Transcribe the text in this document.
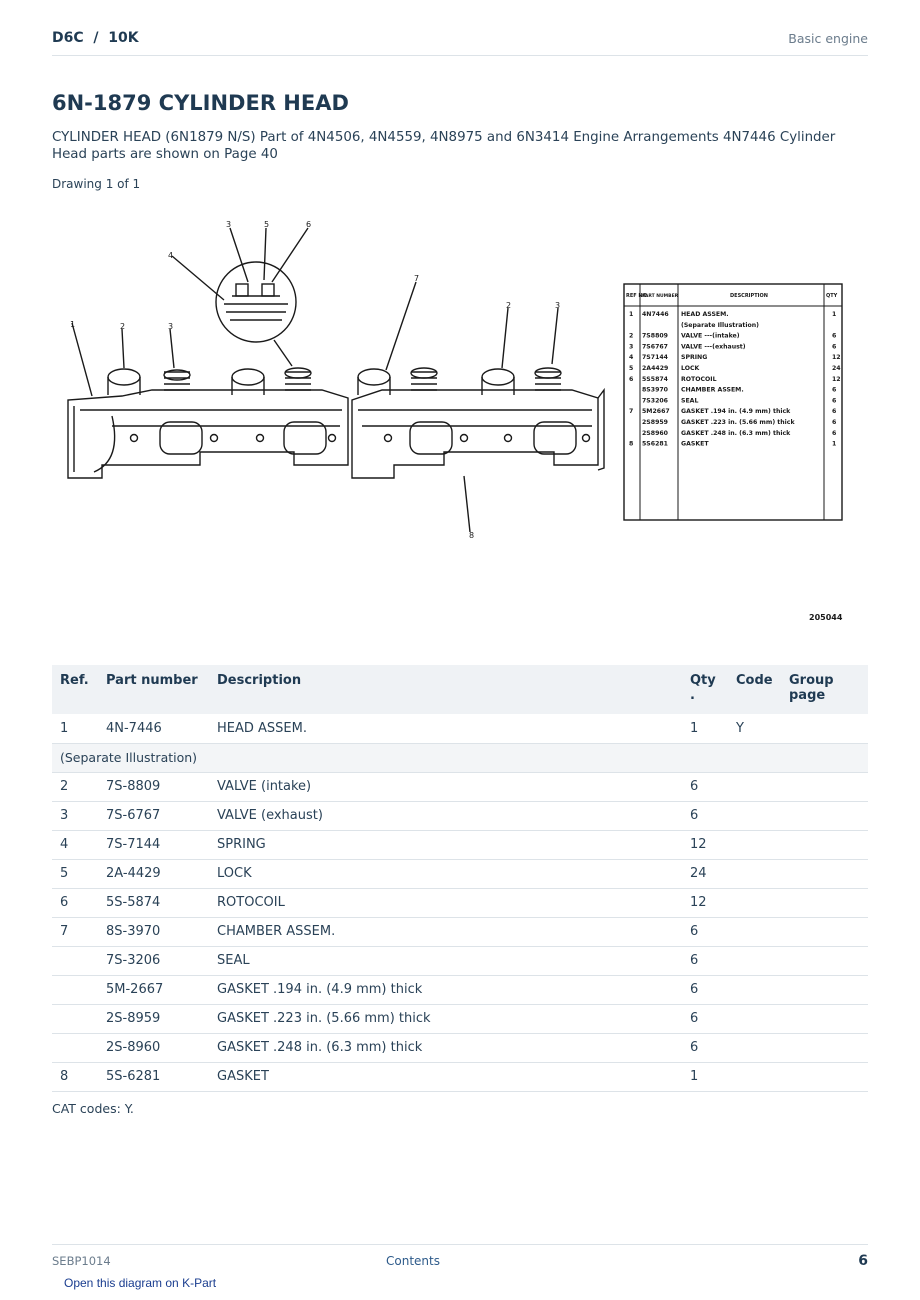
D6C  /  10K	Basic engine
6N-1879 CYLINDER HEAD

CYLINDER HEAD (6N1879 N/S) Part of 4N4506, 4N4559, 4N8975 and 6N3414 Engine Arrangements 4N7446 Cylinder Head parts are shown on Page 40

Drawing 1 of 1
1	2	3
4
3	5	6
7
2	3
8
205044
REF NO
PART NUMBER	DESCRIPTION	QTY
1 4N7446 HEAD ASSEM.	1
(Separate Illustration)
2 7S8809 VALVE ---(intake)	6
3 7S6767 VALVE ---(exhaust)	6
4 7S7144 SPRING	12
5 2A4429 LOCK	24
6 5S5874 ROTOCOIL	12
8S3970 CHAMBER ASSEM.	6
7S3206 SEAL	6
7 5M2667 GASKET .194 in. (4.9 mm) thick	6
2S8959 GASKET .223 in. (5.66 mm) thick	6
2S8960 GASKET .248 in. (6.3 mm) thick	6
8 5S6281 GASKET	1
Ref.	Part number	Description	Qty .	Code	Group page
1	4N-7446	HEAD ASSEM.	1	Y	
(Separate Illustration)					
2	7S-8809	VALVE (intake)	6		
3	7S-6767	VALVE (exhaust)	6		
4	7S-7144	SPRING	12		
5	2A-4429	LOCK	24		
6	5S-5874	ROTOCOIL	12		
7	8S-3970	CHAMBER ASSEM.	6		
	7S-3206	SEAL	6		
	5M-2667	GASKET .194 in. (4.9 mm) thick	6		
	2S-8959	GASKET .223 in. (5.66 mm) thick	6		
	2S-8960	GASKET .248 in. (6.3 mm) thick	6		
8	5S-6281	GASKET	1		
CAT codes: Y.
SEBP1014	Contents	6
Open this diagram on K-Part
